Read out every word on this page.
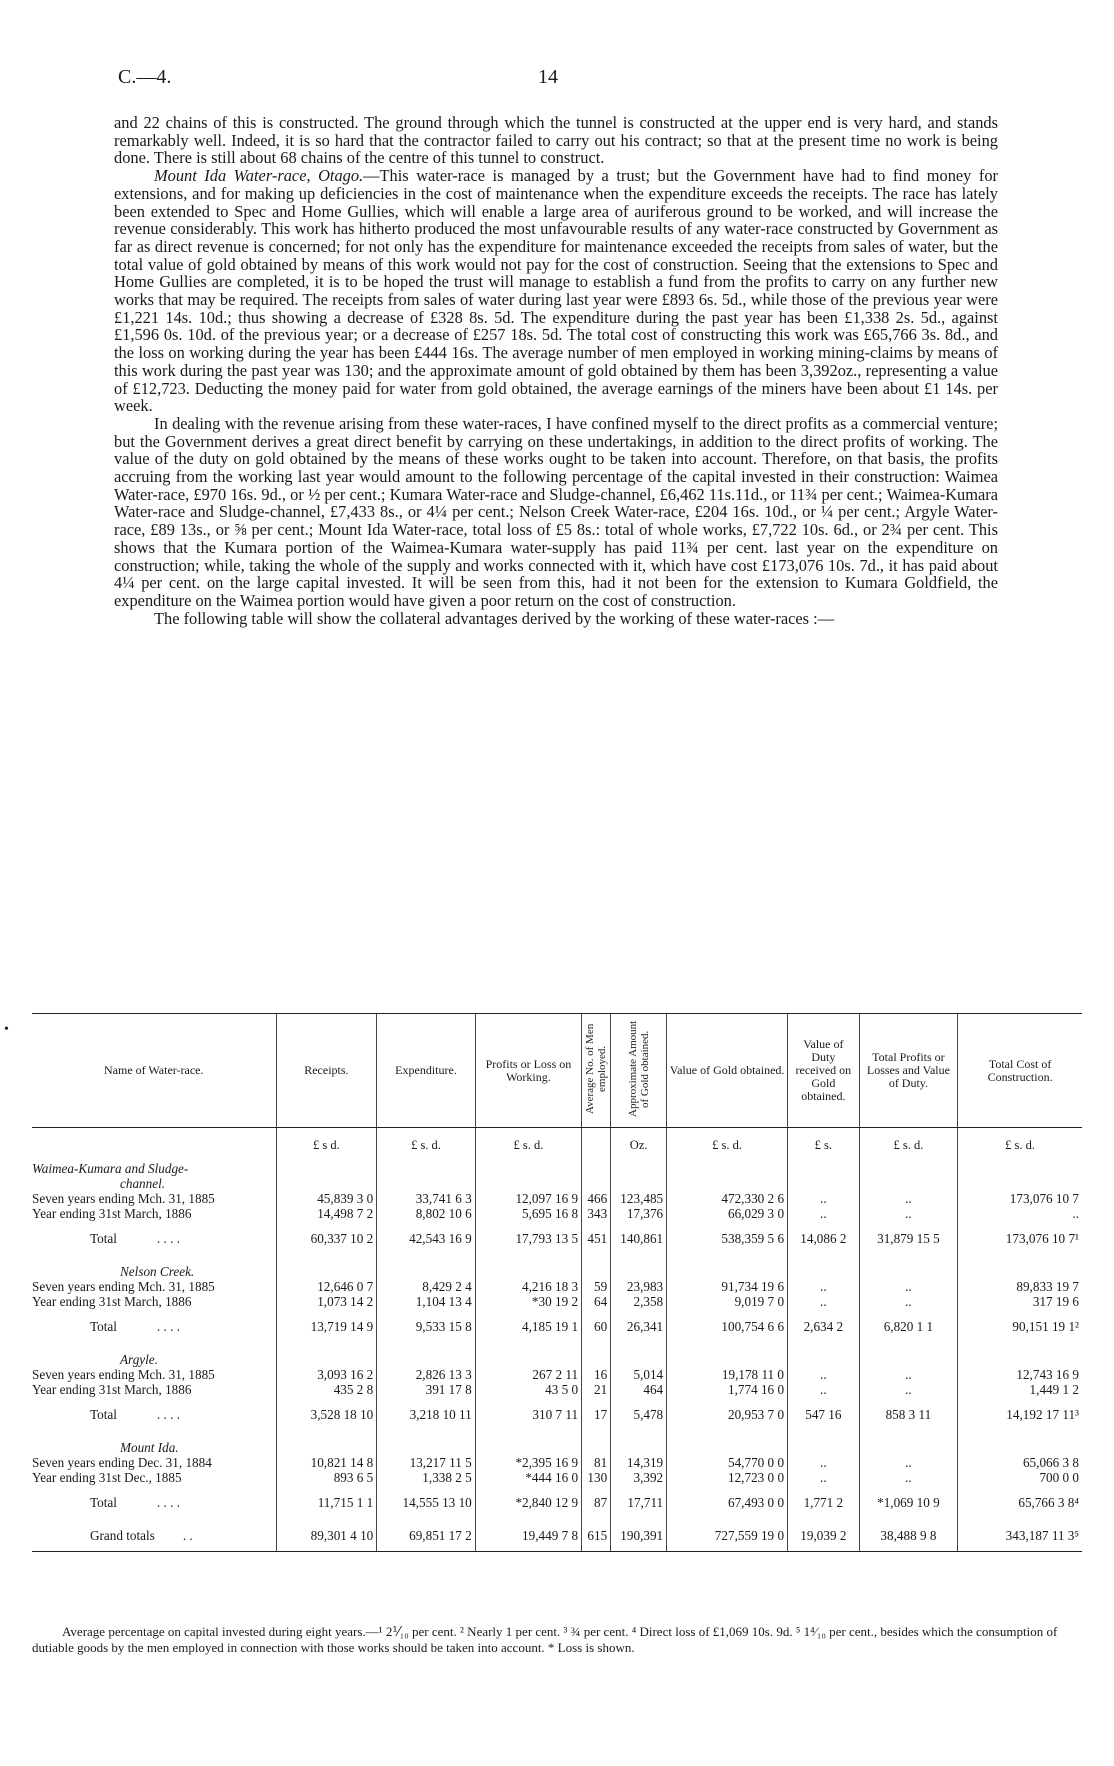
C.—4.	14

and 22 chains of this is constructed. The ground through which the tunnel is constructed at the upper end is very hard, and stands remarkably well. Indeed, it is so hard that the contractor failed to carry out his contract; so that at the present time no work is being done. There is still about 68 chains of the centre of this tunnel to construct.

Mount Ida Water-race, Otago.—This water-race is managed by a trust; but the Government have had to find money for extensions, and for making up deficiencies in the cost of maintenance when the expenditure exceeds the receipts. The race has lately been extended to Spec and Home Gullies, which will enable a large area of auriferous ground to be worked, and will increase the revenue considerably. This work has hitherto produced the most unfavourable results of any water-race constructed by Government as far as direct revenue is concerned; for not only has the expenditure for maintenance exceeded the receipts from sales of water, but the total value of gold obtained by means of this work would not pay for the cost of construction. Seeing that the extensions to Spec and Home Gullies are completed, it is to be hoped the trust will manage to establish a fund from the profits to carry on any further new works that may be required. The receipts from sales of water during last year were £893 6s. 5d., while those of the previous year were £1,221 14s. 10d.; thus showing a decrease of £328 8s. 5d. The expenditure during the past year has been £1,338 2s. 5d., against £1,596 0s. 10d. of the previous year; or a decrease of £257 18s. 5d. The total cost of constructing this work was £65,766 3s. 8d., and the loss on working during the year has been £444 16s. The average number of men employed in working mining-claims by means of this work during the past year was 130; and the approximate amount of gold obtained by them has been 3,392oz., representing a value of £12,723. Deducting the money paid for water from gold obtained, the average earnings of the miners have been about £1 14s. per week.

In dealing with the revenue arising from these water-races, I have confined myself to the direct profits as a commercial venture; but the Government derives a great direct benefit by carrying on these undertakings, in addition to the direct profits of working. The value of the duty on gold obtained by the means of these works ought to be taken into account. Therefore, on that basis, the profits accruing from the working last year would amount to the following percentage of the capital invested in their construction: Waimea Water-race, £970 16s. 9d., or ½ per cent.; Kumara Water-race and Sludge-channel, £6,462 11s.11d., or 11¾ per cent.; Waimea-Kumara Water-race and Sludge-channel, £7,433 8s., or 4¼ per cent.; Nelson Creek Water-race, £204 16s. 10d., or ¼ per cent.; Argyle Water-race, £89 13s., or ⅝ per cent.; Mount Ida Water-race, total loss of £5 8s.: total of whole works, £7,722 10s. 6d., or 2¾ per cent. This shows that the Kumara portion of the Waimea-Kumara water-supply has paid 11¾ per cent. last year on the expenditure on construction; while, taking the whole of the supply and works connected with it, which have cost £173,076 10s. 7d., it has paid about 4¼ per cent. on the large capital invested. It will be seen from this, had it not been for the extension to Kumara Goldfield, the expenditure on the Waimea portion would have given a poor return on the cost of construction.

The following table will show the collateral advantages derived by the working of these water-races :—

•
Name of Water-race.	Receipts.	Expenditure.	Profits or Loss on Working.	Average No. of Men employed.	Approximate Amount of Gold obtained.	Value of Gold obtained.	Value of Duty received on Gold obtained.	Total Profits or Losses and Value of Duty.	Total Cost of Construction.
	£ s d.	£ s. d.	£ s. d.		Oz.	£ s. d.	£ s.	£ s. d.	£ s. d.

Waimea-Kumara and Sludge-
channel.									

Seven years ending Mch. 31, 1885	45,839 3 0	33,741 6 3	12,097 16 9	466	123,485	472,330 2 6	..	..	173,076 10 7
Year ending 31st March, 1886	14,498 7 2	8,802 10 6	5,695 16 8	343	17,376	66,029 3 0	..	..	..
Total . . . .	60,337 10 2	42,543 16 9	17,793 13 5	451	140,861	538,359 5 6	14,086 2	31,879 15 5	173,076 10 7¹

Nelson Creek.									

Seven years ending Mch. 31, 1885	12,646 0 7	8,429 2 4	4,216 18 3	59	23,983	91,734 19 6	..	..	89,833 19 7
Year ending 31st March, 1886	1,073 14 2	1,104 13 4	*30 19 2	64	2,358	9,019 7 0	..	..	317 19 6
Total . . . .	13,719 14 9	9,533 15 8	4,185 19 1	60	26,341	100,754 6 6	2,634 2	6,820 1 1	90,151 19 1²

Argyle.									

Seven years ending Mch. 31, 1885	3,093 16 2	2,826 13 3	267 2 11	16	5,014	19,178 11 0	..	..	12,743 16 9
Year ending 31st March, 1886	435 2 8	391 17 8	43 5 0	21	464	1,774 16 0	..	..	1,449 1 2
Total . . . .	3,528 18 10	3,218 10 11	310 7 11	17	5,478	20,953 7 0	547 16	858 3 11	14,192 17 11³

Mount Ida.									

Seven years ending Dec. 31, 1884	10,821 14 8	13,217 11 5	*2,395 16 9	81	14,319	54,770 0 0	..	..	65,066 3 8
Year ending 31st Dec., 1885	893 6 5	1,338 2 5	*444 16 0	130	3,392	12,723 0 0	..	..	700 0 0
Total . . . .	11,715 1 1	14,555 13 10	*2,840 12 9	87	17,711	67,493 0 0	1,771 2	*1,069 10 9	65,766 3 8⁴
Grand totals . .	89,301 4 10	69,851 17 2	19,449 7 8	615	190,391	727,559 19 0	19,039 2	38,488 9 8	343,187 11 3⁵
Average percentage on capital invested during eight years.—¹ 2⅟₁₀ per cent. ² Nearly 1 per cent. ³ ¾ per cent. ⁴ Direct loss of £1,069 10s. 9d. ⁵ 1⁴⁄₁₀ per cent., besides which the consumption of dutiable goods by the men employed in connection with those works should be taken into account. * Loss is shown.
